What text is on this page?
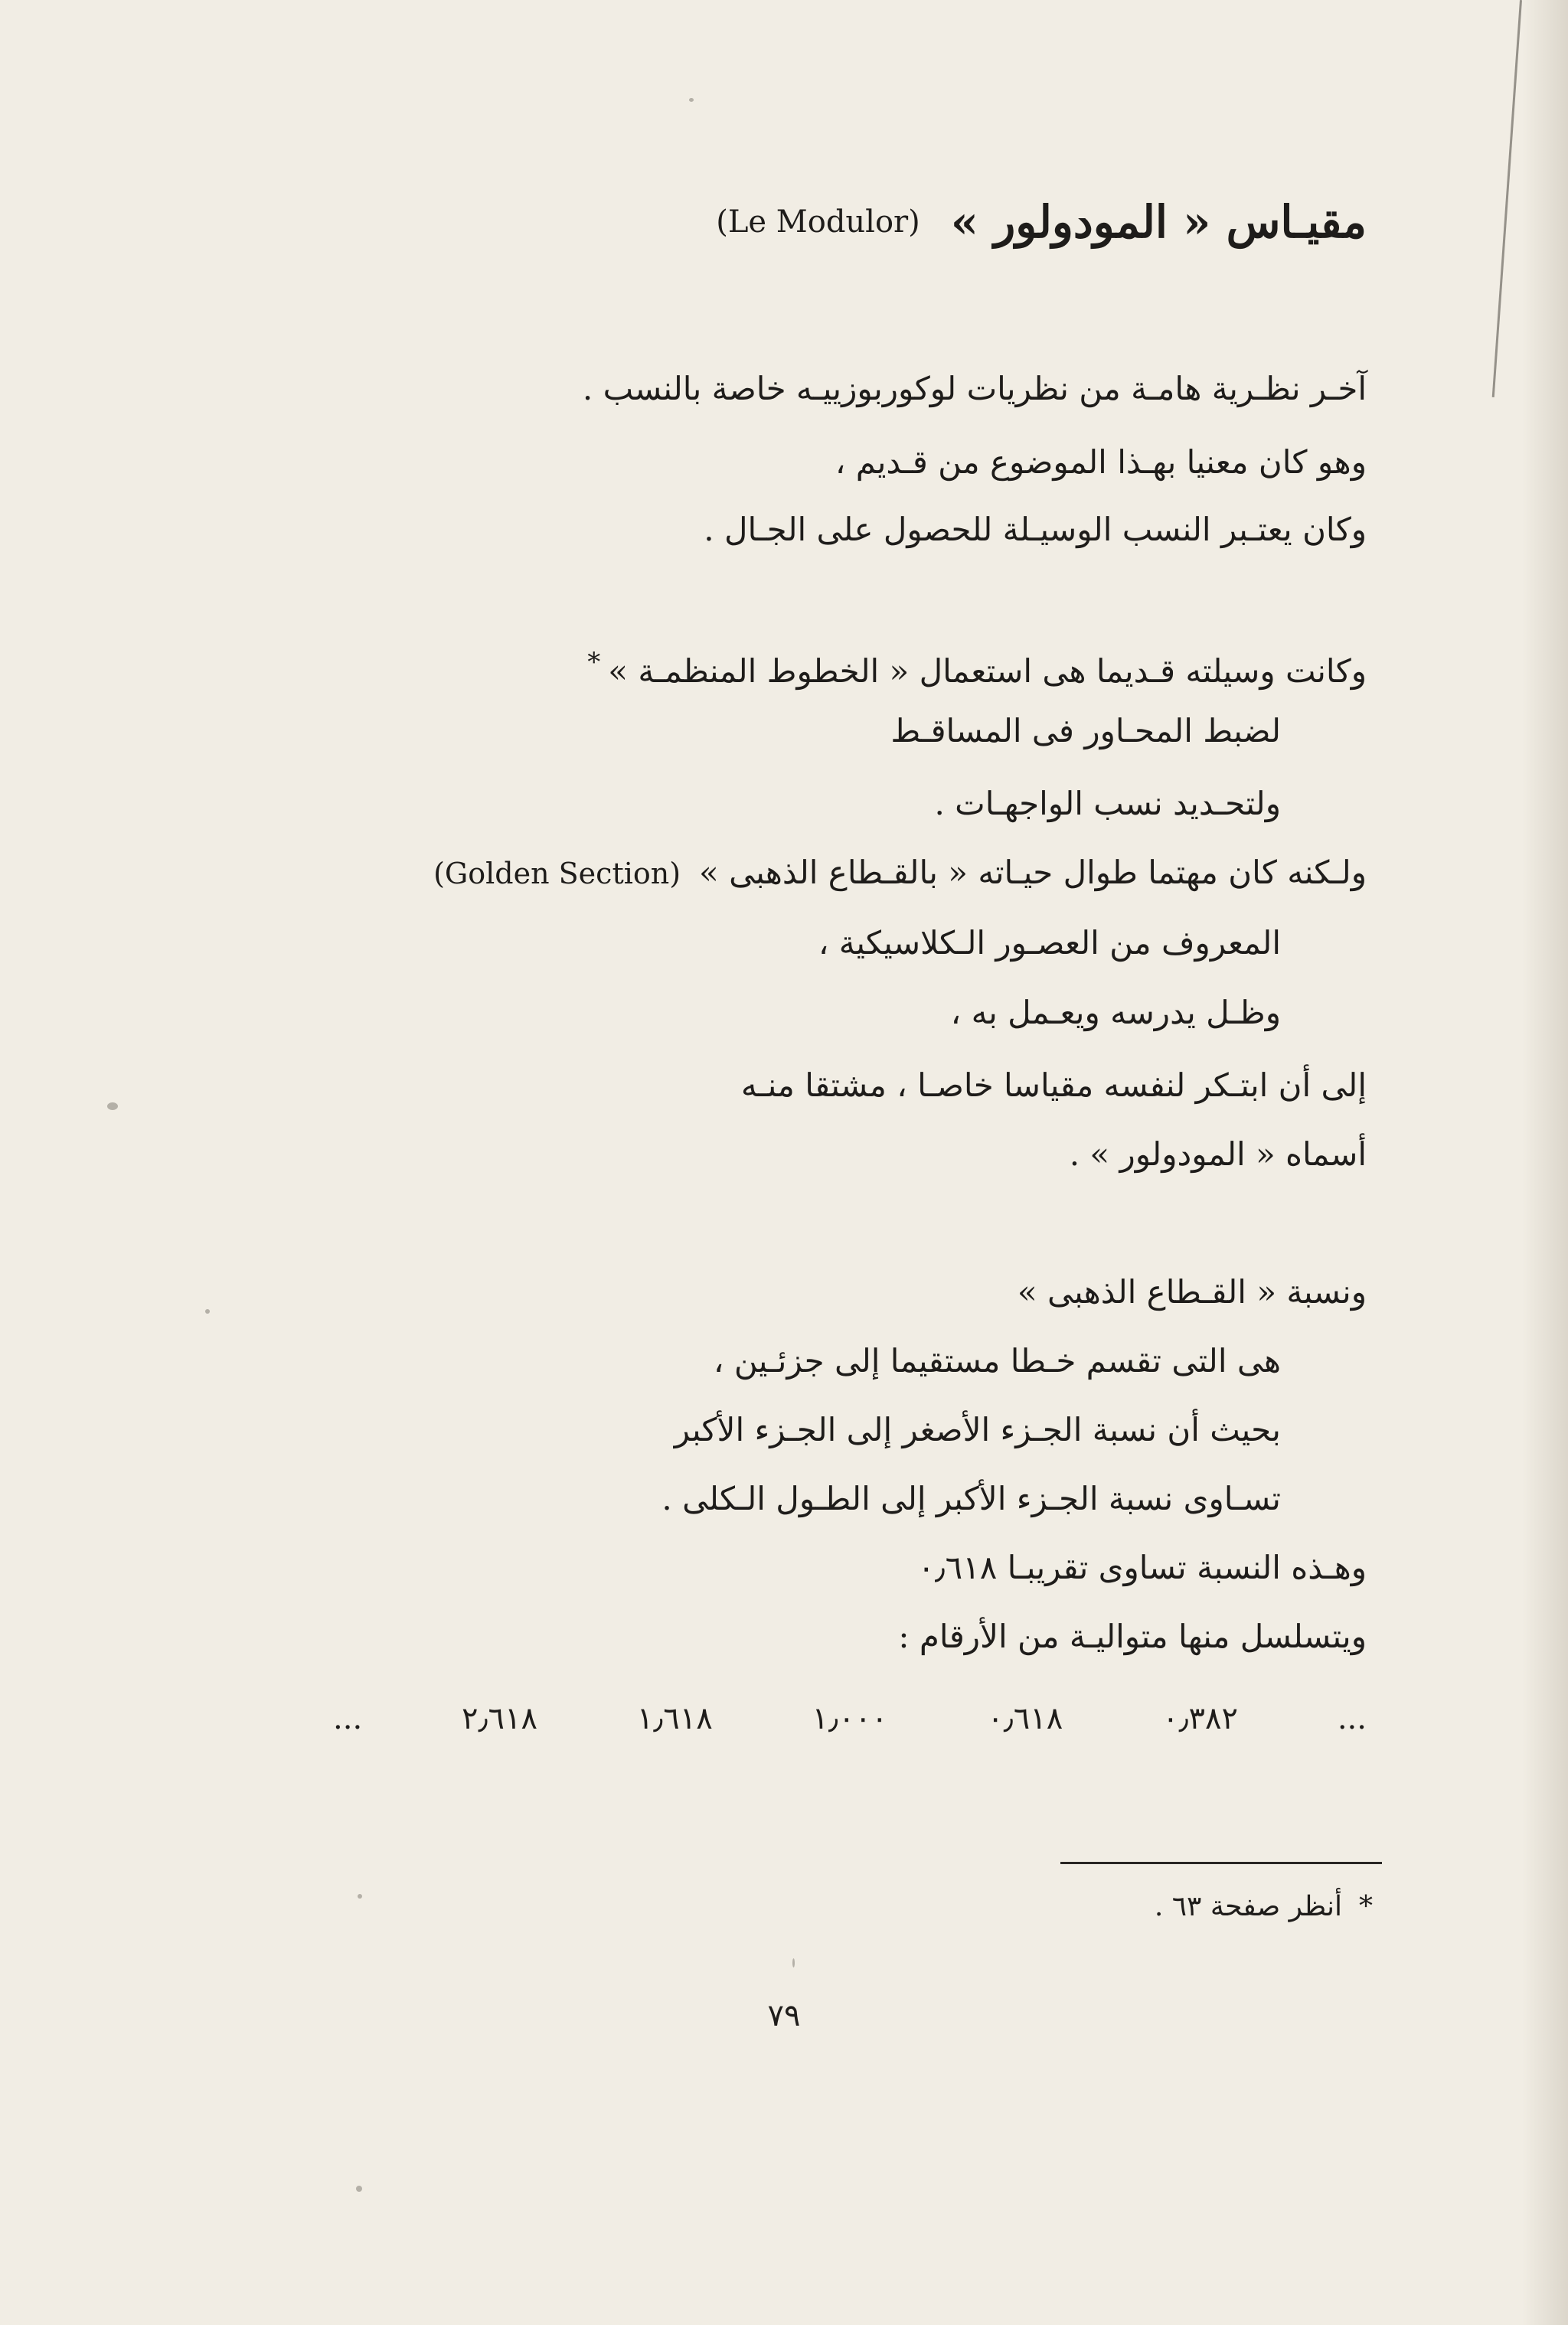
مقيـاس « المودولور »
(Le Modulor)
آخـر نظـرية هامـة من نظريات لوكوربوزييـه خاصة بالنسب .
وهو كان معنيا بهـذا الموضوع من قـديم ،
وكان يعتـبر النسب الوسيـلة للحصول على الجـال .
وكانت وسيلته قـديما هى استعمال « الخطوط المنظمـة »*
لضبط المحـاور فى المساقـط
ولتحـديد نسب الواجهـات .
ولـكنه كان مهتما طوال حيـاته « بالقـطاع الذهبى »(Golden Section)
المعروف من العصـور الـكلاسيكية ،
وظـل يدرسه ويعـمل به ،
إلى أن ابتـكر لنفسه مقياسا خاصـا ، مشتقا منـه
أسماه « المودولور » .
ونسبة « القـطاع الذهبى »
هى التى تقسم خـطا مستقيما إلى جزئـين ،
بحيث أن نسبة الجـزء الأصغر إلى الجـزء الأكبر
تسـاوى نسبة الجـزء الأكبر إلى الطـول الـكلى .
وهـذه النسبة تساوى تقريبـا ۰٫٦١٨
ويتسلسل منها متواليـة من الأرقام :
...
۰٫۳۸۲
۰٫٦١٨
١٫۰۰۰
١٫٦١٨
٢٫٦١٨
...
*أنظر صفحة ٦٣ .
٧٩
